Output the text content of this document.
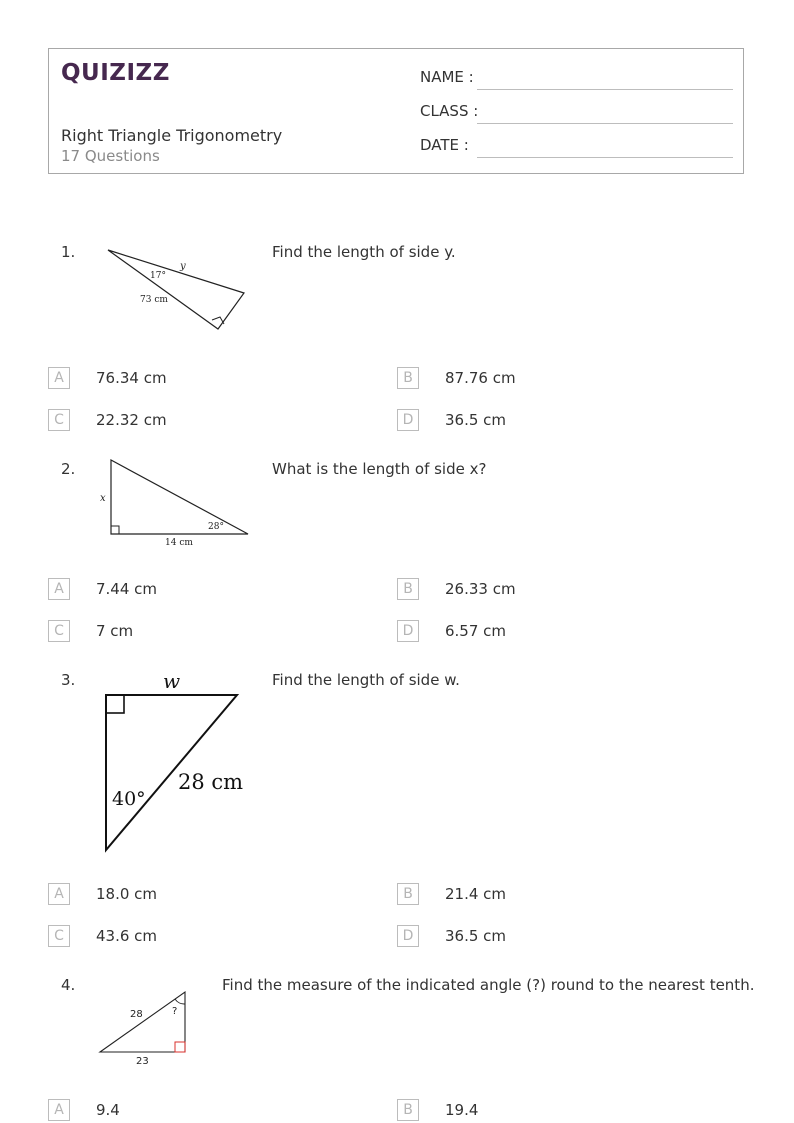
QUIZIZZ
Right Triangle Trigonometry
17 Questions
NAME :
CLASS :
DATE :
1.
y
17°
73 cm
Find the length of side y.
A	76.34 cm	B	87.76 cm
C	22.32 cm	D	36.5 cm
2.
x
28°
14 cm
What is the length of side x?
A	7.44 cm	B	26.33 cm
C	7 cm	D	6.57 cm
3.	w
40°
28 cm
Find the length of side w.
A	18.0 cm	B	21.4 cm
C	43.6 cm	D	36.5 cm
4.
28	?
23
Find the measure of the indicated angle (?) round to the nearest tenth.
A	9.4	B	19.4
